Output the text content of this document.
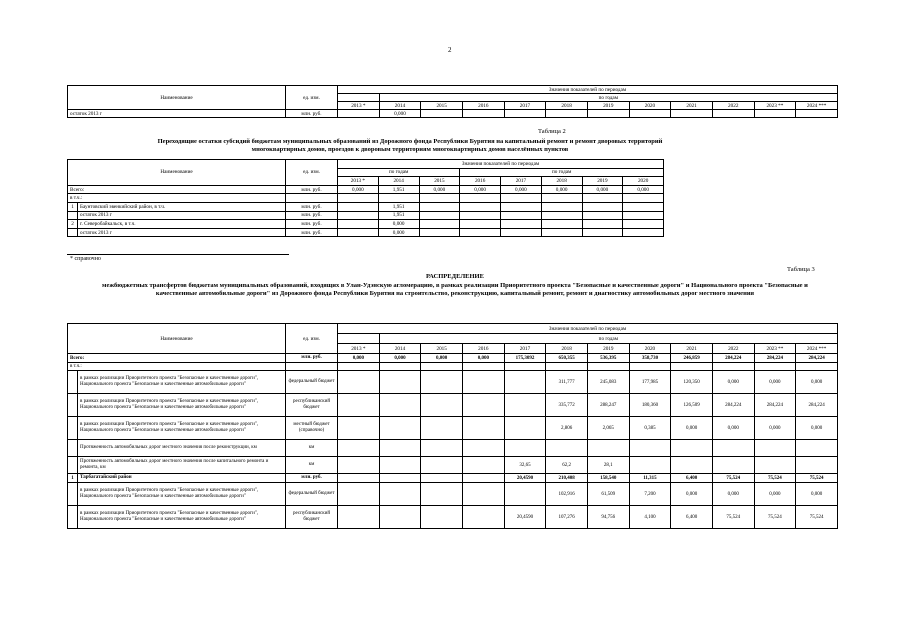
2
Наименование	ед. изм.	Значения показателей по периодам											
			по годам										
		2013 *	2014	2015	2016	2017	2018	2019	2020	2021	2022	2023 **	2024 ***
остаток 2013 г	млн. руб.		0,000										
Таблица 2
Переходящие остатки субсидий бюджетам муниципальных образований из Дорожного фонда Республики Бурятия на капитальный ремонт и ремонт дворовых территорий многоквартирных домов, проездов к дворовым территориям многоквартирных домов населённых пунктов
Наименование		ед. изм.	Значения показателей по периодам							
			по годам			по годам				
			2013 *	2014	2015	2016	2017	2018	2019	2020
Всего:		млн. руб.	0,000	1,951	0,000	0,000	0,000	0,000	0,000	0,000
в т.ч.:										
1	Баунтовский эвенкийский район, в т.ч.	млн. руб.		1,951						
	остаток 2013 г	млн. руб.		1,951						
2	г. Северобайкальск, в т.ч.	млн. руб.		0,000						
	остаток 2013 г	млн. руб.		0,000						
* справочно
Таблица 3
РАСПРЕДЕЛЕНИЕ
межбюджетных трансфертов бюджетам муниципальных образований, входящих в Улан-Удэнскую агломерацию, в рамках реализации Приоритетного проекта "Безопасные и качественные дороги" и Национального проекта "Безопасные и качественные автомобильные дороги" из Дорожного фонда Республики Бурятия на строительство, реконструкцию, капитальный ремонт, ремонт и диагностику автомобильных дорог местного значения
Наименование		ед. изм.	Значения показателей по периодам											
				по годам										
			2013 *	2014	2015	2016	2017	2018	2019	2020	2021	2022	2023 **	2024 ***
Всего:		млн. руб.	0,000	0,000	0,000	0,000	175,3092	650,355	536,395	358,730	246,859	284,224	284,224	284,224
в т.ч.:														
	в рамках реализации Приоритетного проекта "Безопасные и качественные дороги", Национального проекта "Безопасные и качественные автомобильные дороги"	федеральный бюджет						311,777	245,083	177,985	120,350	0,000	0,000	0,000
	в рамках реализации Приоритетного проекта "Безопасные и качественные дороги", Национального проекта "Безопасные и качественные автомобильные дороги"	республиканский бюджет						335,772	288,247	180,360	126,509	284,224	284,224	284,224
	в рамках реализации Приоритетного проекта "Безопасные и качественные дороги", Национального проекта "Безопасные и качественные автомобильные дороги"	местный бюджет (справочно)						2,806	2,065	0,385	0,000	0,000	0,000	0,000
	Протяженность автомобильных дорог местного значения после реконструкции, км	км												
	Протяженность автомобильных дорог местного значения после капитального ремонта и ремонта, км	км					32,65	62,2	28,1					
1	Тарбагатайский район	млн. руб.					20,4590	210,408	158,540	11,315	6,400	75,524	75,524	75,524
	в рамках реализации Приоритетного проекта "Безопасные и качественные дороги", Национального проекта "Безопасные и качественные автомобильные дороги"	федеральный бюджет						102,916	61,509	7,200	0,000	0,000	0,000	0,000
	в рамках реализации Приоритетного проекта "Безопасные и качественные дороги", Национального проекта "Безопасные и качественные автомобильные дороги"	республиканский бюджет					20,4590	107,276	94,756	4,100	6,400	75,524	75,524	75,524
